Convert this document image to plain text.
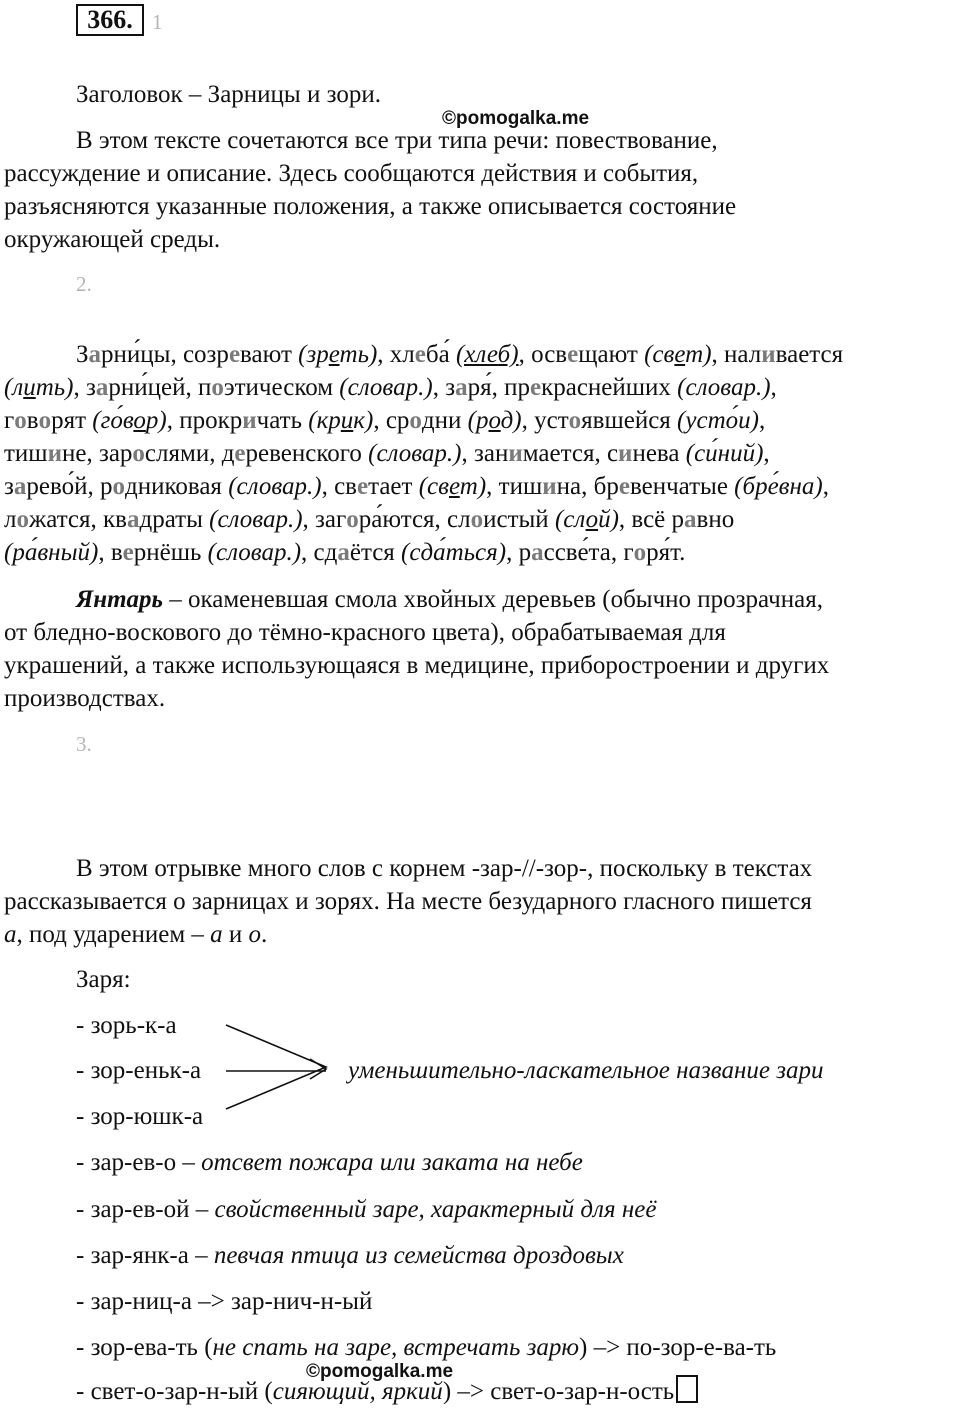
366. 1
Заголовок – Зарницы и зори.
©pomogalka.me
В этом тексте сочетаются все три типа речи: повествование,
рассуждение и описание. Здесь сообщаются действия и события,
разъясняются указанные положения, а также описывается состояние
окружающей среды.
2.
Зарни́цы, созревают (зреть), хлеба́ (хлеб), освещают (свет), наливается
(лить), зарни́цей, поэтическом (словар.), заря́, прекраснейших (словар.),
говорят (го́вор), прокричать (крик), сродни (род), устоявшейся (усто́и),
тишине, зарослями, деревенского (словар.), занимается, синева (си́ний),
зарево́й, родниковая (словар.), светает (свет), тишина, бревенчатые (бре́вна),
ложатся, квадраты (словар.), загора́ются, слоистый (слой), всё равно
(ра́вный), вернёшь (словар.), сдаётся (сда́ться), рассве́та, горя́т.
Янтарь – окаменевшая смола хвойных деревьев (обычно прозрачная,
от бледно-воскового до тёмно-красного цвета), обрабатываемая для
украшений, а также использующаяся в медицине, приборостроении и других
производствах.
3.
В этом отрывке много слов с корнем -зар-//-зор-, поскольку в текстах
рассказывается о зарницах и зорях. На месте безударного гласного пишется
а, под ударением – а и о.
Заря:
- зорь-к-а
- зор-еньк-а
- зор-юшк-а
уменьшительно-ласкательное название зари
- зар-ев-о – отсвет пожара или заката на небе
- зар-ев-ой – свойственный заре, характерный для неё
- зар-янк-а – певчая птица из семейства дроздовых
- зар-ниц-а –> зар-нич-н-ый
- зор-ева-ть (не спать на заре, встречать зарю) –> по-зор-е-ва-ть
©pomogalka.me
- свет-о-зар-н-ый (сияющий, яркий) –> свет-о-зар-н-ость
